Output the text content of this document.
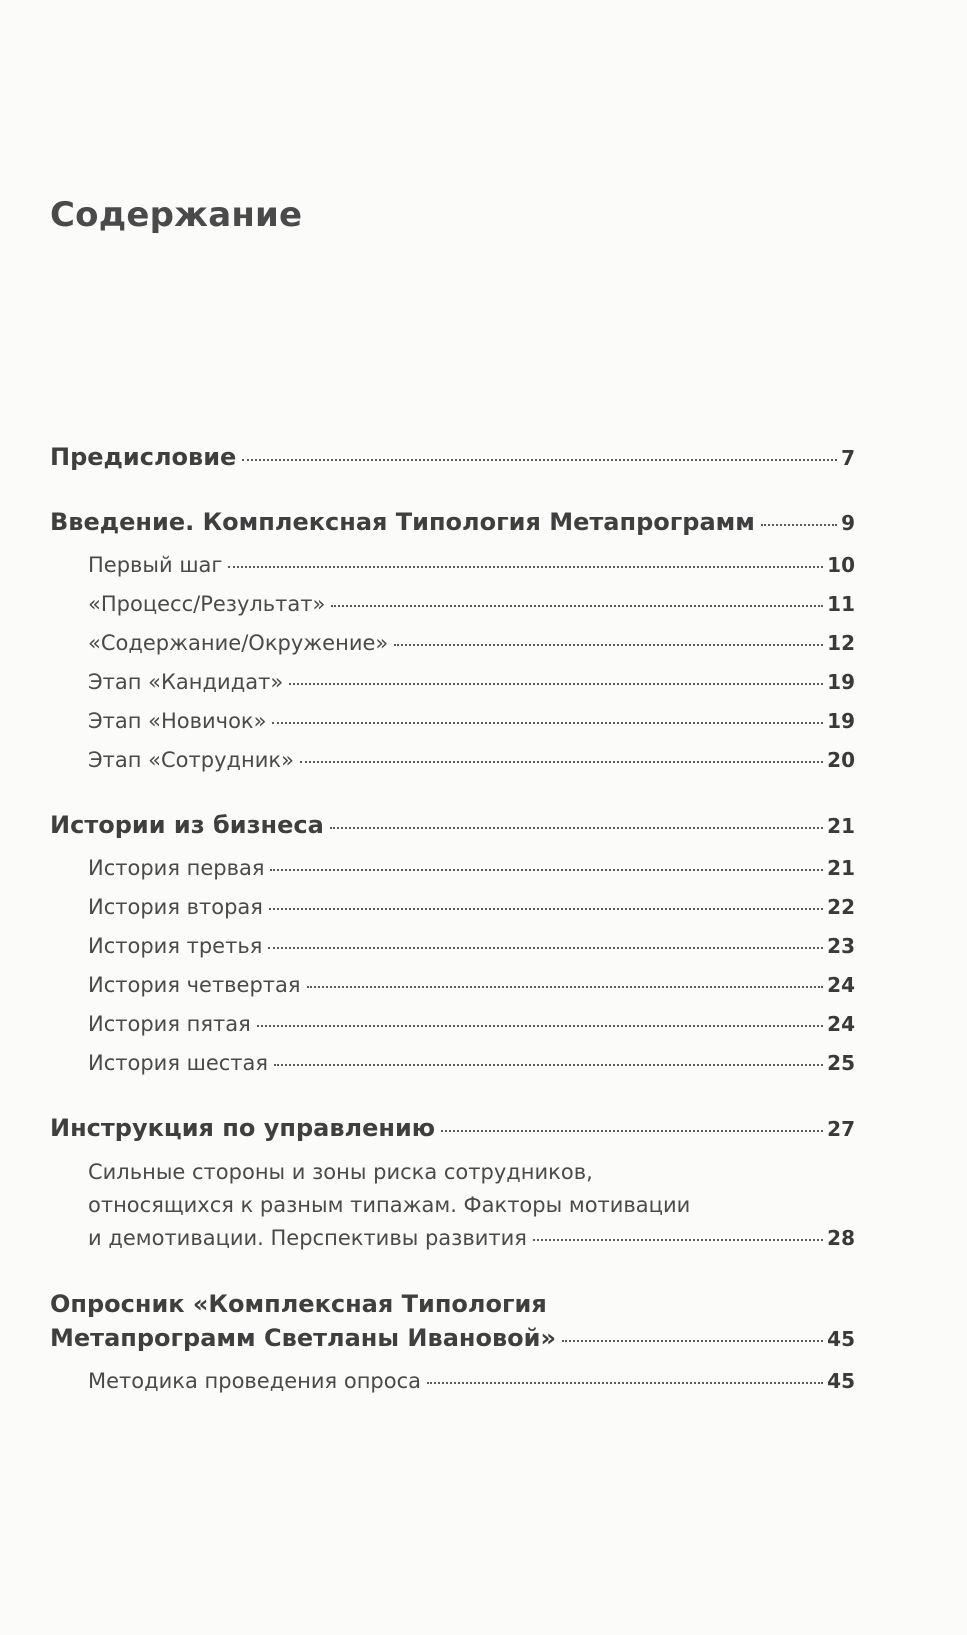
Содержание
Предисловие	7
Введение. Комплексная Типология Метапрограмм	9
Первый шаг	10
«Процесс/Результат»	11
«Содержание/Окружение»	12
Этап «Кандидат»	19
Этап «Новичок»	19
Этап «Сотрудник»	20
Истории из бизнеса	21
История первая	21
История вторая	22
История третья	23
История четвертая	24
История пятая	24
История шестая	25
Инструкция по управлению	27
Сильные стороны и зоны риска сотрудников,
относящихся к разным типажам. Факторы мотивации
и демотивации. Перспективы развития	28
Опросник «Комплексная Типология
Метапрограмм Светланы Ивановой»	45
Методика проведения опроса	45
